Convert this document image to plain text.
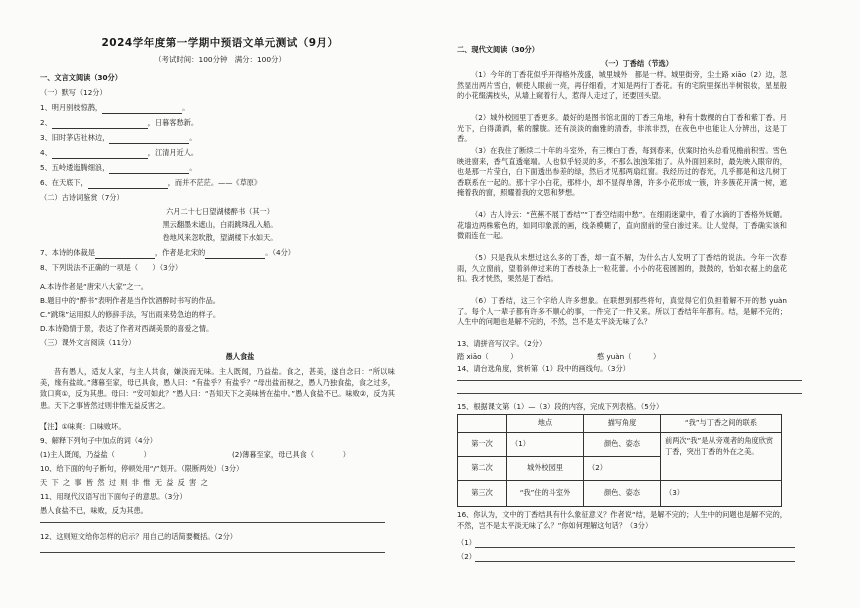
2024学年度第一学期中预语文单元测试（9月）
（考试时间：100分钟　满分：100分）
一、文言文阅读（30分）
（一）默写（12分）
1、明月别枝惊鹊，	。
2、	，日暮客愁新。
3、旧时茅店社林边，	。
4、	，江清月近人。
5、五岭逶迤腾细浪，	。
6、在天底下，	，而并不茫茫。——《草原》
（二）古诗词鉴赏（7分）
六月二十七日望湖楼醉书（其一）
黑云翻墨未遮山，白雨跳珠乱入船。
卷地风来忽吹散，望湖楼下水如天。
7、本诗的体裁是	，作者是北宋的	。（4分）
8、下列说法不正确的一项是（　　）（3分）
A.本诗作者是“唐宋八大家”之一。
B.题目中的“醉书”表明作者是当作饮酒醉时书写的作品。
C.“跳珠”运用拟人的修辞手法，写出雨来势急迫的样子。
D.本诗隐情于景，表达了作者对西湖美景的喜爱之情。
（三）课外文言阅读（11分）
愚人食盐
昔有愚人，适友人家，与主人共食，嫌淡而无味。主人既闻，乃益盐。食之，甚美，遂自念曰：“所以味美，缘有盐故。”薄暮至家，母已具食，愚人曰：“有盐乎？有盐乎？”母出盐而视之，愚人乃独食盐，食之过多，致口爽①，反为其患。母曰：“安可如此？”愚人曰：“吾知天下之美味皆在盐中。”愚人食盐不已。味败②，反为其患。天下之事皆然过则非惟无益反害之。
【注】①味爽：口味败坏。
9、解释下列句子中加点的词（4分）
(1)主人既闻，乃益盐（　　　　）	(2)薄暮至家，母已具食（　　　　）
10、给下面的句子断句，停顿处用“/”划开。（限断两处）（3分）
天 下 之 事 皆 然 过 则 非 惟 无 益 反 害 之
11、用现代汉语写出下面句子的意思。（3分）
愚人食盐不已，味败，反为其患。
12、这则短文给你怎样的启示？用自己的话简要概括。（2分）
二、现代文阅读（30分）
（一）丁香结（节选）
（1）今年的丁香花似乎开得格外茂盛，城里城外　都是一样。城里街旁，尘土路 xiāo（2）边，忽然显出两片雪白，顿使人眼前一亮，再仔细看，才知是两行丁香花。有的宅院里探出半树银妆，星星般的小花缀满枝头，从墙上窥着行人，惹得人走过了，还要回头望。
（2）城外校园里丁香更多。最好的是图书馆北面的丁香三角地，种有十数棵的白丁香和紫丁香。月光下，白得潇洒，紫的朦胧。还有淡淡的幽雅的清香，非浓非烈，在夜色中也能让人分辨出，这是丁香。
（3）在我住了断续二十年的斗室外，有三棵白丁香，每到春来，伏案时抬头总看见檐前积雪。雪色映进窗来，香气直透毫端。人也似乎轻灵的多，不那么浊浊笨拙了。从外面回来时，最先映入眼帘的，也是那一片莹白，白下面透出参差的绿，然后才见那两扇红窗。我经历过的春光，几乎都是和这几树丁香联系在一起的。那十字小白花，那样小，却不显得单薄，许多小花形成一簇，许多簇花开满一树，遮掩着我的窗，照耀着我的文思和梦想。
（4）古人诗云：“芭蕉不展丁香结”“丁香空结雨中愁”。在细雨迷蒙中，看了水滴的丁香格外妩媚。花墙边两株紫色的，如同印象派的画，线条模糊了，直向窗前的莹白渗过来。让人觉得，丁香确实该和微雨连在一起。
（5）只是我从未想过这么多的丁香，却一直不解，为什么古人发明了丁香结的说法。今年一次春雨，久立窗前，望着斜伸过来的丁香枝条上一粒花蕾。小小的花苞圆圆的，鼓鼓的，恰如衣裾上的盘花扣。我才恍然，果然是丁香结。
（6）丁香结，这三个字给人许多想象。在联想到那些将句，真觉得它们负担着解不开的愁 yuàn了。每个人一辈子都有许多不顺心的事，一件完了一件又来。所以丁香结年年都有。结，是解不完的；人生中的问题也是解不完的，不然，岂不是太平淡无味了么？
13、请拼音写汉字。（2分）
踏 xiāo（　　　）	憨 yuàn（　　　）
14、请台选角度，赏析第（1）段中的画线句。（3分）
15、根据课文第（1）—（3）段的内容，完成下列表格。（5分）
	地点	描写角度	“我”与丁香之间的联系
第一次	（1）	颜色、姿态	前两次“我”是从旁观者的角度欣赏丁香，突出丁香的外在之美。
第二次	城外校园里	（2）	
第三次	“我”住的斗室外	颜色、姿态	（3）
16、你认为，文中的丁香结具有什么象征意义？作者说“结，是解不完的；人生中的问题也是解不完的，不然，岂不是太平淡无味了么？”你如何理解这句话？（3分）
（1）
（2）
